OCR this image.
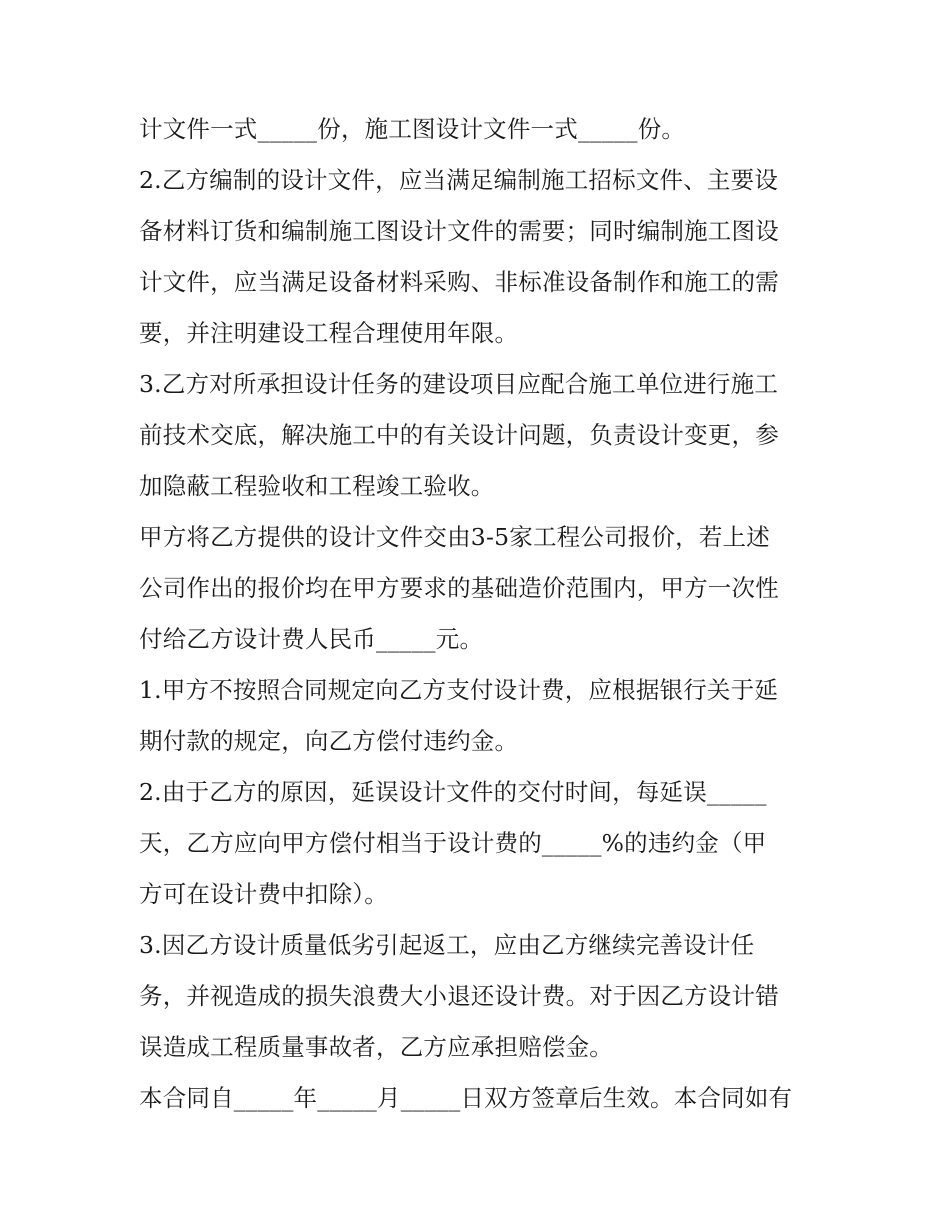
计文件一式_____份，施工图设计文件一式_____份。
2.乙方编制的设计文件，应当满足编制施工招标文件、主要设
备材料订货和编制施工图设计文件的需要；同时编制施工图设
计文件，应当满足设备材料采购、非标准设备制作和施工的需
要，并注明建设工程合理使用年限。
3.乙方对所承担设计任务的建设项目应配合施工单位进行施工
前技术交底，解决施工中的有关设计问题，负责设计变更，参
加隐蔽工程验收和工程竣工验收。
甲方将乙方提供的设计文件交由3-5家工程公司报价，若上述
公司作出的报价均在甲方要求的基础造价范围内，甲方一次性
付给乙方设计费人民币_____元。
1.甲方不按照合同规定向乙方支付设计费，应根据银行关于延
期付款的规定，向乙方偿付违约金。
2.由于乙方的原因，延误设计文件的交付时间，每延误_____
天，乙方应向甲方偿付相当于设计费的_____%的违约金（甲
方可在设计费中扣除）。
3.因乙方设计质量低劣引起返工，应由乙方继续完善设计任
务，并视造成的损失浪费大小退还设计费。对于因乙方设计错
误造成工程质量事故者，乙方应承担赔偿金。
本合同自_____年_____月_____日双方签章后生效。本合同如有
